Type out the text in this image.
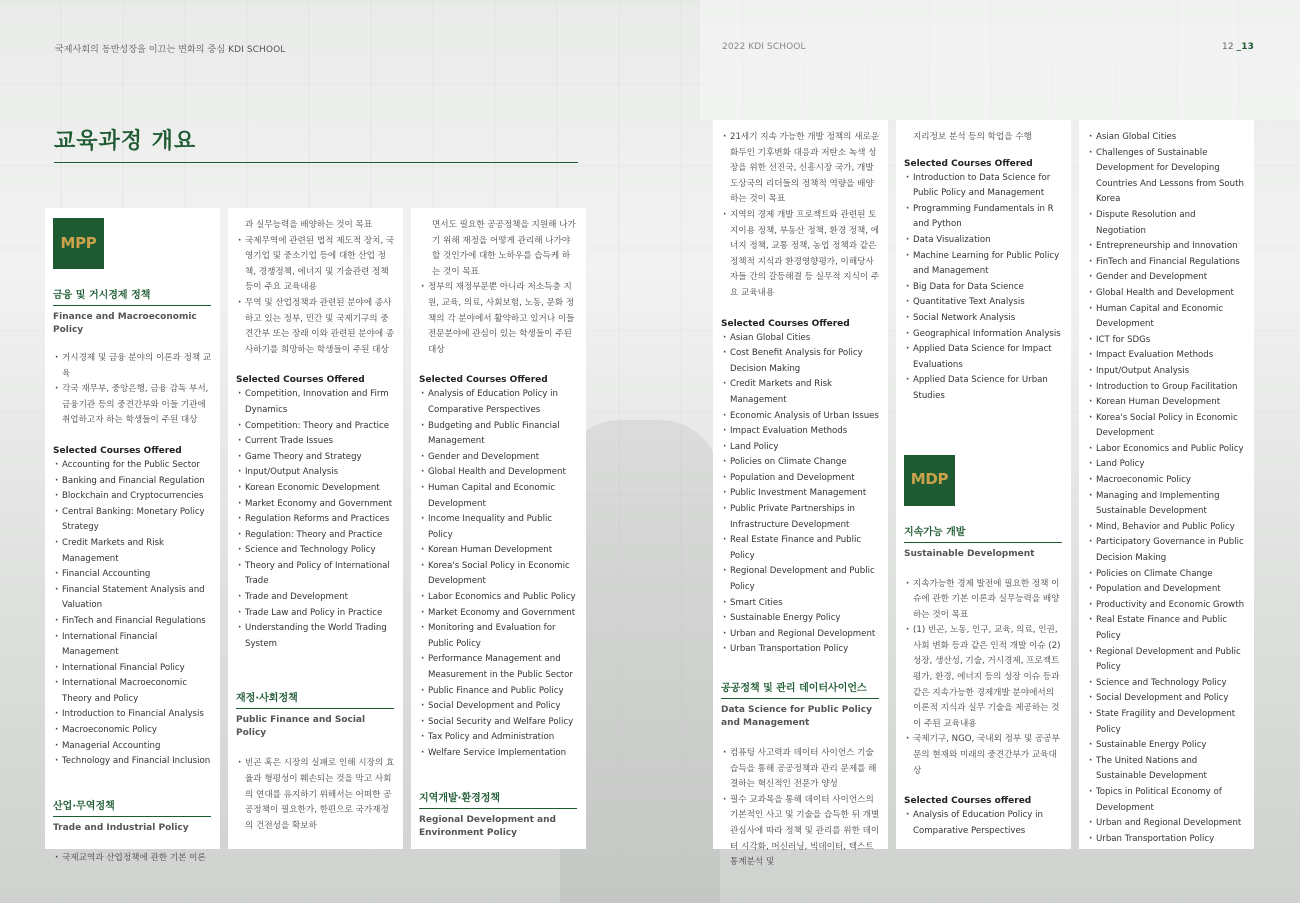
국제사회의 동반성장을 이끄는 변화의 중심 KDI SCHOOL	2022 KDI SCHOOL	12 _13
교육과정 개요
MPP
금융 및 거시경제 정책
Finance and Macroeconomic Policy
· 거시경제 및 금융 분야의 이론과 정책 교육
· 각국 재무부, 중앙은행, 금융 감독 부서, 금융기관 등의 중견간부와 이들 기관에 취업하고자 하는 학생들이 주된 대상
Selected Courses Offered
· Accounting for the Public Sector
· Banking and Financial Regulation
· Blockchain and Cryptocurrencies
· Central Banking: Monetary Policy Strategy
· Credit Markets and Risk Management
· Financial Accounting
· Financial Statement Analysis and Valuation
· FinTech and Financial Regulations
· International Financial Management
· International Financial Policy
· International Macroeconomic Theory and Policy
· Introduction to Financial Analysis
· Macroeconomic Policy
· Managerial Accounting
· Technology and Financial Inclusion
산업·무역정책
Trade and Industrial Policy
· 국제교역과 산업정책에 관한 기본 이론
과 실무능력을 배양하는 것이 목표
· 국제무역에 관련된 법적 제도적 장치, 국영기업 및 중소기업 등에 대한 산업 정책, 경쟁정책, 에너지 및 기술관련 정책 등이 주요 교육내용
· 무역 및 산업정책과 관련된 분야에 종사하고 있는 정부, 민간 및 국제기구의 중견간부 또는 장래 이와 관련된 분야에 종사하기를 희망하는 학생들이 주된 대상
Selected Courses Offered
· Competition, Innovation and Firm Dynamics
· Competition: Theory and Practice
· Current Trade Issues
· Game Theory and Strategy
· Input/Output Analysis
· Korean Economic Development
· Market Economy and Government
· Regulation Reforms and Practices
· Regulation: Theory and Practice
· Science and Technology Policy
· Theory and Policy of International Trade
· Trade and Development
· Trade Law and Policy in Practice
· Understanding the World Trading System
재정·사회정책
Public Finance and Social Policy
· 빈곤 혹은 시장의 실패로 인해 시장의 효율과 형평성이 훼손되는 것을 막고 사회의 연대를 유지하기 위해서는 어떠한 공공정책이 필요한가, 한편으로 국가재정의 건전성을 확보하
면서도 필요한 공공정책을 지원해 나가기 위해 재정을 어떻게 관리해 나가야 할 것인가에 대한 노하우를 습득케 하는 것이 목표
· 정부의 재정부문뿐 아니라 저소득층 지원, 교육, 의료, 사회보험, 노동, 문화 정책의 각 분야에서 활약하고 있거나 이들 전문분야에 관심이 있는 학생들이 주된 대상
Selected Courses Offered
· Analysis of Education Policy in Comparative Perspectives
· Budgeting and Public Financial Management
· Gender and Development
· Global Health and Development
· Human Capital and Economic Development
· Income Inequality and Public Policy
· Korean Human Development
· Korea's Social Policy in Economic Development
· Labor Economics and Public Policy
· Market Economy and Government
· Monitoring and Evaluation for Public Policy
· Performance Management and Measurement in the Public Sector
· Public Finance and Public Policy
· Social Development and Policy
· Social Security and Welfare Policy
· Tax Policy and Administration
· Welfare Service Implementation
지역개발·환경정책
Regional Development and Environment Policy
· 21세기 지속 가능한 개발 정책의 새로운 화두인 기후변화 대응과 저탄소 녹색 성장을 위한 선진국, 신흥시장 국가, 개발도상국의 리더들의 정책적 역량을 배양하는 것이 목표
· 지역의 경제 개발 프로젝트와 관련된 토지이용 정책, 부동산 정책, 환경 정책, 에너지 정책, 교통 정책, 농업 정책과 같은 정책적 지식과 환경영향평가, 이해당사자들 간의 갈등해결 등 실무적 지식이 주요 교육내용
Selected Courses Offered
· Asian Global Cities
· Cost Benefit Analysis for Policy Decision Making
· Credit Markets and Risk Management
· Economic Analysis of Urban Issues
· Impact Evaluation Methods
· Land Policy
· Policies on Climate Change
· Population and Development
· Public Investment Management
· Public Private Partnerships in Infrastructure Development
· Real Estate Finance and Public Policy
· Regional Development and Public Policy
· Smart Cities
· Sustainable Energy Policy
· Urban and Regional Development
· Urban Transportation Policy
공공정책 및 관리 데이터사이언스
Data Science for Public Policy and Management
· 컴퓨팅 사고력과 데이터 사이언스 기술 습득을 통해 공공정책과 관리 문제를 해결하는 혁신적인 전문가 양성
· 필수 교과목을 통해 데이터 사이언스의 기본적인 사고 및 기술을 습득한 뒤 개별 관심사에 따라 정책 및 관리를 위한 데이터 시각화, 머신러닝, 빅데이터, 텍스트 통계분석 및
지리정보 분석 등의 학업을 수행
Selected Courses Offered
· Introduction to Data Science for Public Policy and Management
· Programming Fundamentals in R and Python
· Data Visualization
· Machine Learning for Public Policy and Management
· Big Data for Data Science
· Quantitative Text Analysis
· Social Network Analysis
· Geographical Information Analysis
· Applied Data Science for Impact Evaluations
· Applied Data Science for Urban Studies
MDP
지속가능 개발
Sustainable Development
· 지속가능한 경제 발전에 필요한 정책 이슈에 관한 기본 이론과 실무능력을 배양하는 것이 목표
· (1) 빈곤, 노동, 인구, 교육, 의료, 인권, 사회 변화 등과 같은 인적 개발 이슈 (2) 성장, 생산성, 기술, 거시경제, 프로젝트 평가, 환경, 에너지 등의 성장 이슈 등과 같은 지속가능한 경제개발 분야에서의 이론적 지식과 실무 기술을 제공하는 것이 주된 교육내용
· 국제기구, NGO, 국내외 정부 및 공공부문의 현재와 미래의 중견간부가 교육대상
Selected Courses offered
· Analysis of Education Policy in Comparative Perspectives
· Asian Global Cities
· Challenges of Sustainable Development for Developing Countries And Lessons from South Korea
· Dispute Resolution and Negotiation
· Entrepreneurship and Innovation
· FinTech and Financial Regulations
· Gender and Development
· Global Health and Development
· Human Capital and Economic Development
· ICT for SDGs
· Impact Evaluation Methods
· Input/Output Analysis
· Introduction to Group Facilitation
· Korean Human Development
· Korea's Social Policy in Economic Development
· Labor Economics and Public Policy
· Land Policy
· Macroeconomic Policy
· Managing and Implementing Sustainable Development
· Mind, Behavior and Public Policy
· Participatory Governance in Public Decision Making
· Policies on Climate Change
· Population and Development
· Productivity and Economic Growth
· Real Estate Finance and Public Policy
· Regional Development and Public Policy
· Science and Technology Policy
· Social Development and Policy
· State Fragility and Development Policy
· Sustainable Energy Policy
· The United Nations and Sustainable Development
· Topics in Political Economy of Development
· Urban and Regional Development
· Urban Transportation Policy
